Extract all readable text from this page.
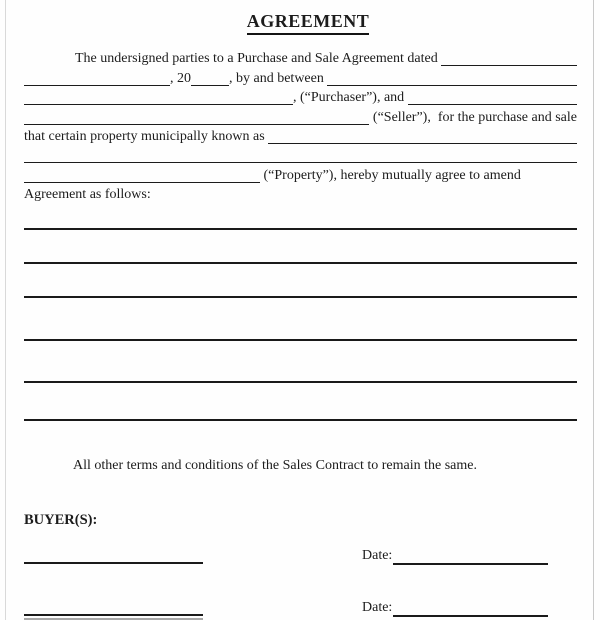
AGREEMENT
The undersigned parties to a Purchase and Sale Agreement dated
, 20	, by and between
, (“Purchaser”), and
(“Seller”),  for the purchase and sale
that certain property municipally known as
(“Property”), hereby mutually agree to amend
Agreement as follows:
All other terms and conditions of the Sales Contract to remain the same.
BUYER(S):
Date:
Date:
